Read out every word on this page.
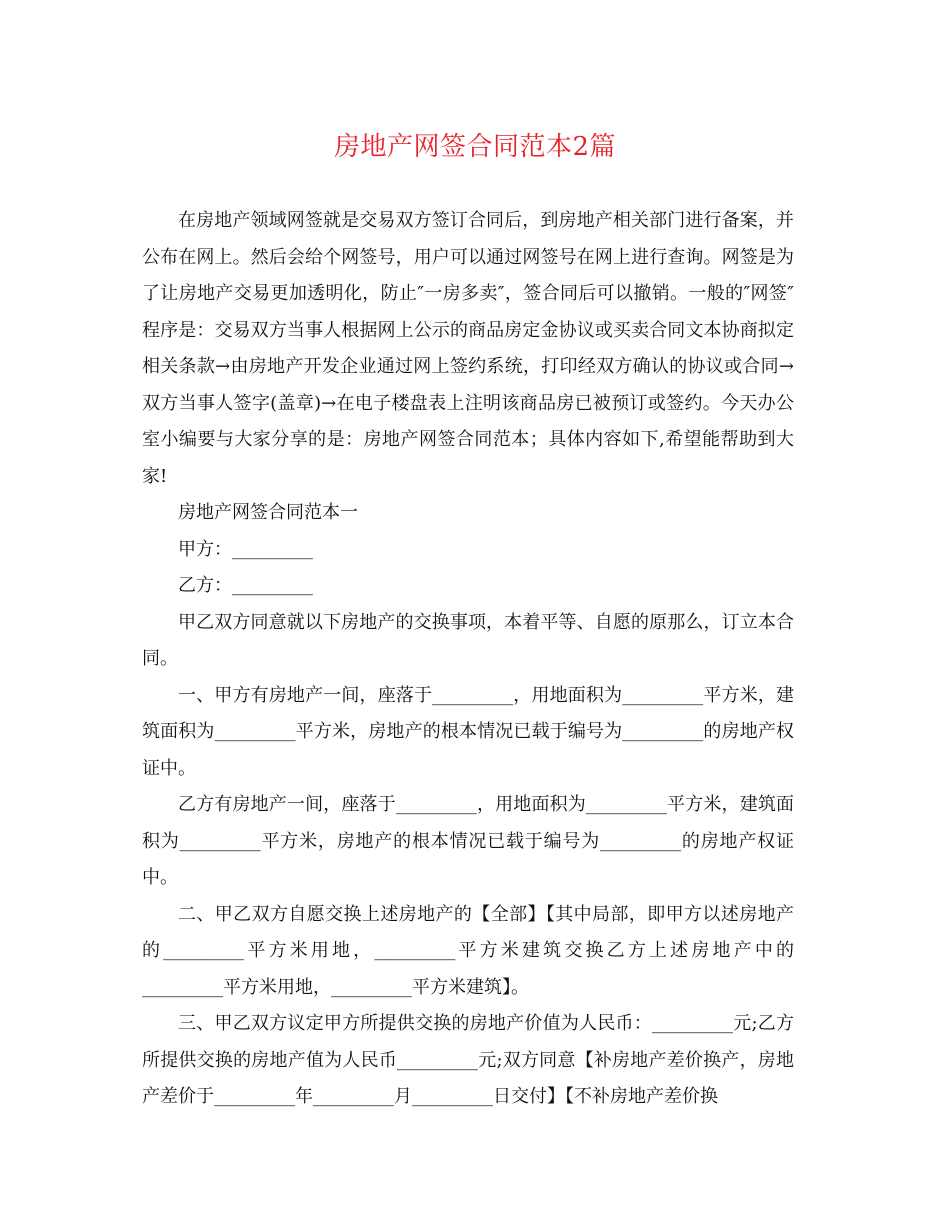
房地产网签合同范本2篇

在房地产领域网签就是交易双方签订合同后，到房地产相关部门进行备案，并公布在网上。然后会给个网签号，用户可以通过网签号在网上进行查询。网签是为了让房地产交易更加透明化，防止″一房多卖″，签合同后可以撤销。一般的″网签″程序是：交易双方当事人根据网上公示的商品房定金协议或买卖合同文本协商拟定相关条款→由房地产开发企业通过网上签约系统，打印经双方确认的协议或合同→双方当事人签字(盖章)→在电子楼盘表上注明该商品房已被预订或签约。今天办公室小编要与大家分享的是：房地产网签合同范本；具体内容如下,希望能帮助到大家!

房地产网签合同范本一

甲方：_________

乙方：_________

甲乙双方同意就以下房地产的交换事项，本着平等、自愿的原那么，订立本合同。

一、甲方有房地产一间，座落于_________，用地面积为_________平方米，建筑面积为_________平方米，房地产的根本情况已载于编号为_________的房地产权证中。

乙方有房地产一间，座落于_________，用地面积为_________平方米，建筑面积为_________平方米，房地产的根本情况已载于编号为_________的房地产权证中。

二、甲乙双方自愿交换上述房地产的【全部】【其中局部，即甲方以述房地产的_________平方米用地，_________平方米建筑交换乙方上述房地产中的_________平方米用地，_________平方米建筑】。

三、甲乙双方议定甲方所提供交换的房地产价值为人民币：_________元;乙方所提供交换的房地产值为人民币_________元;双方同意【补房地产差价换产，房地产差价于_________年_________月_________日交付】【不补房地产差价换
